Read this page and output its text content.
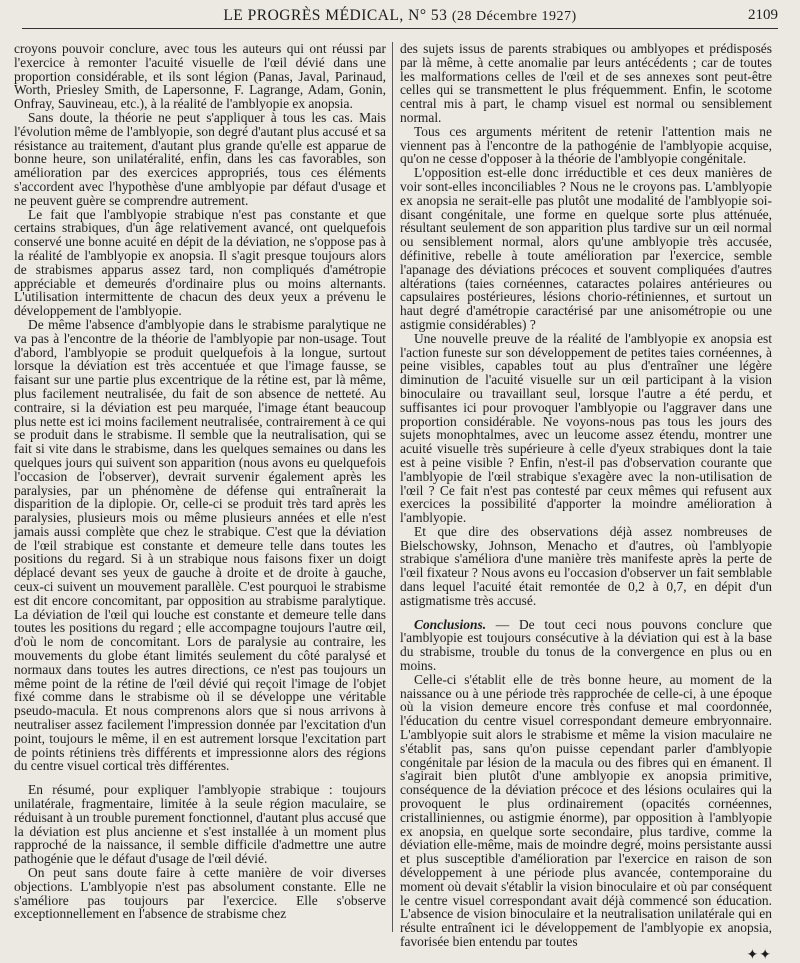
LE PROGRÈS MÉDICAL, N° 53 (28 Décembre 1927)	2109

croyons pouvoir conclure, avec tous les auteurs qui ont réussi par l'exercice à remonter l'acuité visuelle de l'œil dévié dans une proportion considérable, et ils sont légion (Panas, Javal, Parinaud, Worth, Priesley Smith, de Lapersonne, F. Lagrange, Adam, Gonin, Onfray, Sauvineau, etc.), à la réalité de l'amblyopie ex anopsia.

Sans doute, la théorie ne peut s'appliquer à tous les cas. Mais l'évolution même de l'amblyopie, son degré d'autant plus accusé et sa résistance au traitement, d'autant plus grande qu'elle est apparue de bonne heure, son unilatéralité, enfin, dans les cas favorables, son amélioration par des exercices appropriés, tous ces éléments s'accordent avec l'hypothèse d'une amblyopie par défaut d'usage et ne peuvent guère se comprendre autrement.

Le fait que l'amblyopie strabique n'est pas constante et que certains strabiques, d'un âge relativement avancé, ont quelquefois conservé une bonne acuité en dépit de la déviation, ne s'oppose pas à la réalité de l'amblyopie ex anopsia. Il s'agit presque toujours alors de strabismes apparus assez tard, non compliqués d'amétropie appréciable et demeurés d'ordinaire plus ou moins alternants. L'utilisation intermittente de chacun des deux yeux a prévenu le développement de l'amblyopie.

De même l'absence d'amblyopie dans le strabisme paralytique ne va pas à l'encontre de la théorie de l'amblyopie par non-usage. Tout d'abord, l'amblyopie se produit quelquefois à la longue, surtout lorsque la déviation est très accentuée et que l'image fausse, se faisant sur une partie plus excentrique de la rétine est, par là même, plus facilement neutralisée, du fait de son absence de netteté. Au contraire, si la déviation est peu marquée, l'image étant beaucoup plus nette est ici moins facilement neutralisée, contrairement à ce qui se produit dans le strabisme. Il semble que la neutralisation, qui se fait si vite dans le strabisme, dans les quelques semaines ou dans les quelques jours qui suivent son apparition (nous avons eu quelquefois l'occasion de l'observer), devrait survenir également après les paralysies, par un phénomène de défense qui entraînerait la disparition de la diplopie. Or, celle-ci se produit très tard après les paralysies, plusieurs mois ou même plusieurs années et elle n'est jamais aussi complète que chez le strabique. C'est que la déviation de l'œil strabique est constante et demeure telle dans toutes les positions du regard. Si à un strabique nous faisons fixer un doigt déplacé devant ses yeux de gauche à droite et de droite à gauche, ceux-ci suivent un mouvement parallèle. C'est pourquoi le strabisme est dit encore concomitant, par opposition au strabisme paralytique. La déviation de l'œil qui louche est constante et demeure telle dans toutes les positions du regard ; elle accompagne toujours l'autre œil, d'où le nom de concomitant. Lors de paralysie au contraire, les mouvements du globe étant limités seulement du côté paralysé et normaux dans toutes les autres directions, ce n'est pas toujours un même point de la rétine de l'œil dévié qui reçoit l'image de l'objet fixé comme dans le strabisme où il se développe une véritable pseudo-macula. Et nous comprenons alors que si nous arrivons à neutraliser assez facilement l'impression donnée par l'excitation d'un point, toujours le même, il en est autrement lorsque l'excitation part de points rétiniens très différents et impressionne alors des régions du centre visuel cortical très différentes.

En résumé, pour expliquer l'amblyopie strabique : toujours unilatérale, fragmentaire, limitée à la seule région maculaire, se réduisant à un trouble purement fonctionnel, d'autant plus accusé que la déviation est plus ancienne et s'est installée à un moment plus rapproché de la naissance, il semble difficile d'admettre une autre pathogénie que le défaut d'usage de l'œil dévié.

On peut sans doute faire à cette manière de voir diverses objections. L'amblyopie n'est pas absolument constante. Elle ne s'améliore pas toujours par l'exercice. Elle s'observe exceptionnellement en l'absence de strabisme chez

des sujets issus de parents strabiques ou amblyopes et prédisposés par là même, à cette anomalie par leurs antécédents ; car de toutes les malformations celles de l'œil et de ses annexes sont peut-être celles qui se transmettent le plus fréquemment. Enfin, le scotome central mis à part, le champ visuel est normal ou sensiblement normal.

Tous ces arguments méritent de retenir l'attention mais ne viennent pas à l'encontre de la pathogénie de l'amblyopie acquise, qu'on ne cesse d'opposer à la théorie de l'amblyopie congénitale.

L'opposition est-elle donc irréductible et ces deux manières de voir sont-elles inconciliables ? Nous ne le croyons pas. L'amblyopie ex anopsia ne serait-elle pas plutôt une modalité de l'amblyopie soi-disant congénitale, une forme en quelque sorte plus atténuée, résultant seulement de son apparition plus tardive sur un œil normal ou sensiblement normal, alors qu'une amblyopie très accusée, définitive, rebelle à toute amélioration par l'exercice, semble l'apanage des déviations précoces et souvent compliquées d'autres altérations (taies cornéennes, cataractes polaires antérieures ou capsulaires postérieures, lésions chorio-rétiniennes, et surtout un haut degré d'amétropie caractérisé par une anisométropie ou une astigmie considérables) ?

Une nouvelle preuve de la réalité de l'amblyopie ex anopsia est l'action funeste sur son développement de petites taies cornéennes, à peine visibles, capables tout au plus d'entraîner une légère diminution de l'acuité visuelle sur un œil participant à la vision binoculaire ou travaillant seul, lorsque l'autre a été perdu, et suffisantes ici pour provoquer l'amblyopie ou l'aggraver dans une proportion considérable. Ne voyons-nous pas tous les jours des sujets monophtalmes, avec un leucome assez étendu, montrer une acuité visuelle très supérieure à celle d'yeux strabiques dont la taie est à peine visible ? Enfin, n'est-il pas d'observation courante que l'amblyopie de l'œil strabique s'exagère avec la non-utilisation de l'œil ? Ce fait n'est pas contesté par ceux mêmes qui refusent aux exercices la possibilité d'apporter la moindre amélioration à l'amblyopie.

Et que dire des observations déjà assez nombreuses de Bielschowsky, Johnson, Menacho et d'autres, où l'amblyopie strabique s'améliora d'une manière très manifeste après la perte de l'œil fixateur ? Nous avons eu l'occasion d'observer un fait semblable dans lequel l'acuité était remontée de 0,2 à 0,7, en dépit d'un astigmatisme très accusé.

Conclusions. — De tout ceci nous pouvons conclure que l'amblyopie est toujours consécutive à la déviation qui est à la base du strabisme, trouble du tonus de la convergence en plus ou en moins.

Celle-ci s'établit elle de très bonne heure, au moment de la naissance ou à une période très rapprochée de celle-ci, à une époque où la vision demeure encore très confuse et mal coordonnée, l'éducation du centre visuel correspondant demeure embryonnaire. L'amblyopie suit alors le strabisme et même la vision maculaire ne s'établit pas, sans qu'on puisse cependant parler d'amblyopie congénitale par lésion de la macula ou des fibres qui en émanent. Il s'agirait bien plutôt d'une amblyopie ex anopsia primitive, conséquence de la déviation précoce et des lésions oculaires qui la provoquent le plus ordinairement (opacités cornéennes, cristalliniennes, ou astigmie énorme), par opposition à l'amblyopie ex anopsia, en quelque sorte secondaire, plus tardive, comme la déviation elle-même, mais de moindre degré, moins persistante aussi et plus susceptible d'amélioration par l'exercice en raison de son développement à une période plus avancée, contemporaine du moment où devait s'établir la vision binoculaire et où par conséquent le centre visuel correspondant avait déjà commencé son éducation. L'absence de vision binoculaire et la neutralisation unilatérale qui en résulte entraînent ici le développement de l'amblyopie ex anopsia, favorisée bien entendu par toutes

✦✦
